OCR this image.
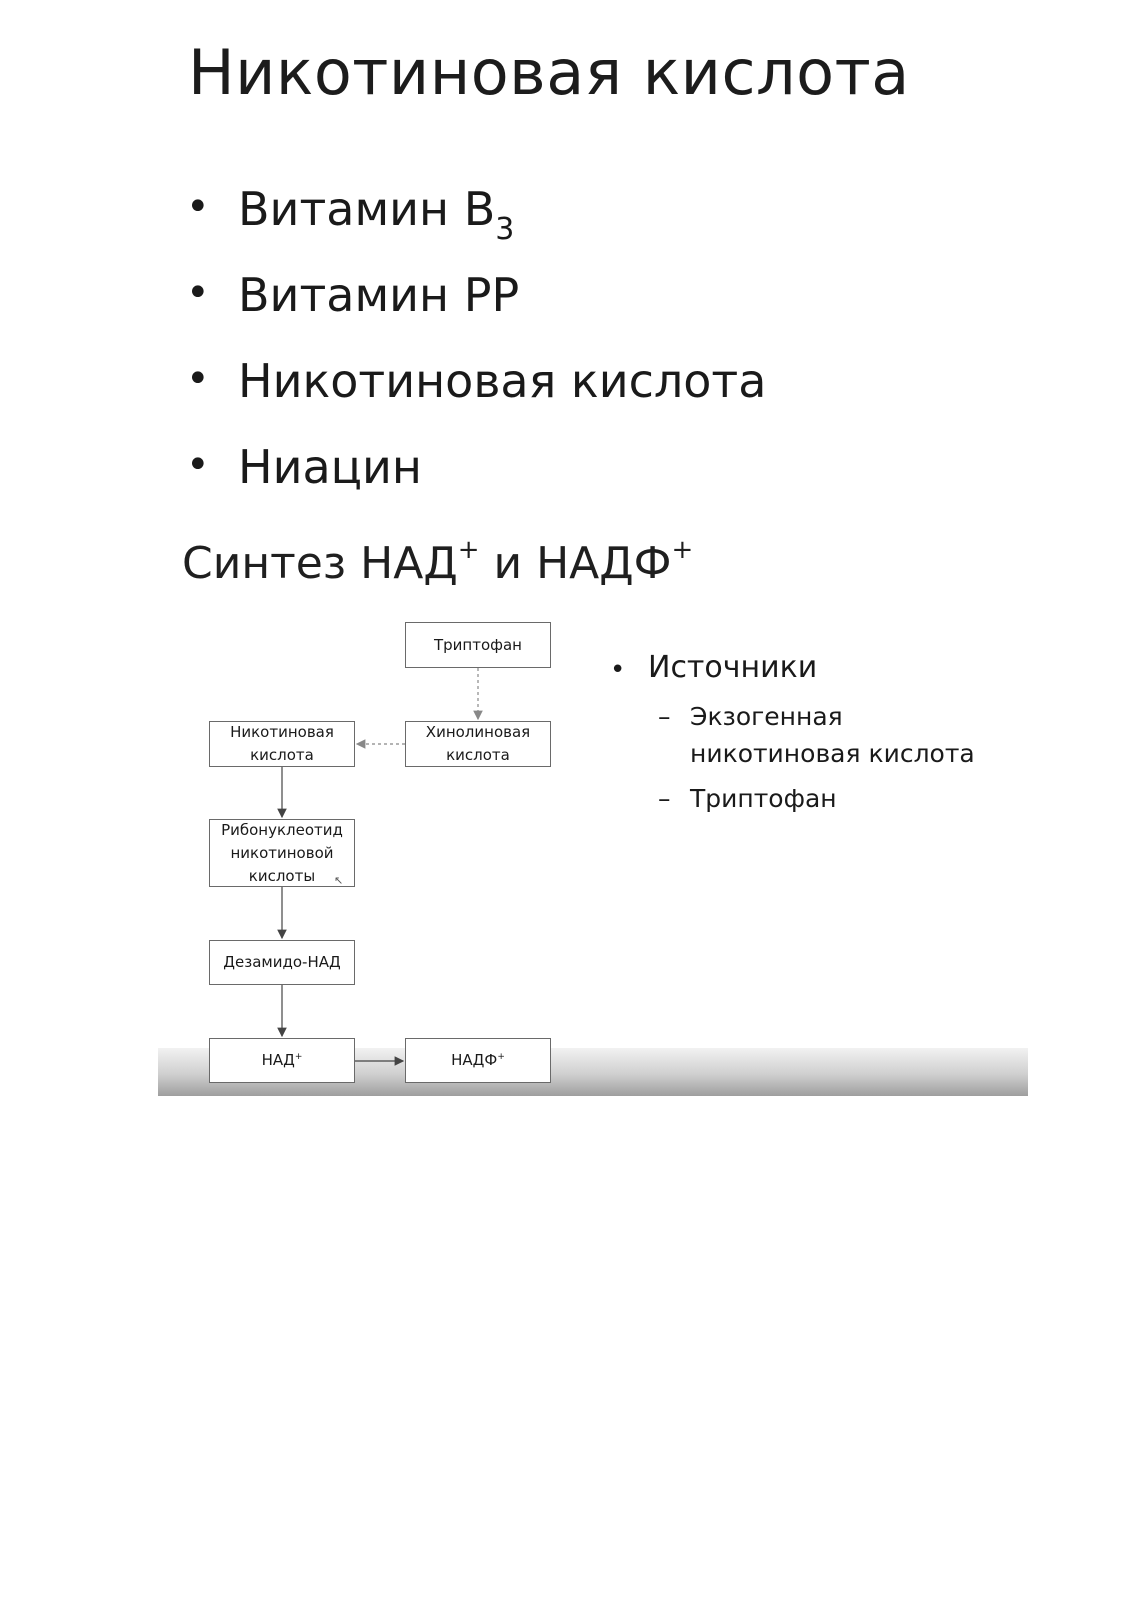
Никотиновая кислота
• Витамин $B_3$
• Витамин PP
• Никотиновая кислота
• Ниацин
Синтез НАД+ и НАДФ+
Триптофан
Хинолиновая
кислота
Никотиновая
кислота
Рибонуклеотид
никотиновой
кислоты
Дезамидо-НАД
НАД+	НАДФ+
↖
• Источники
– Экзогенная никотиновая кислота
– Триптофан
